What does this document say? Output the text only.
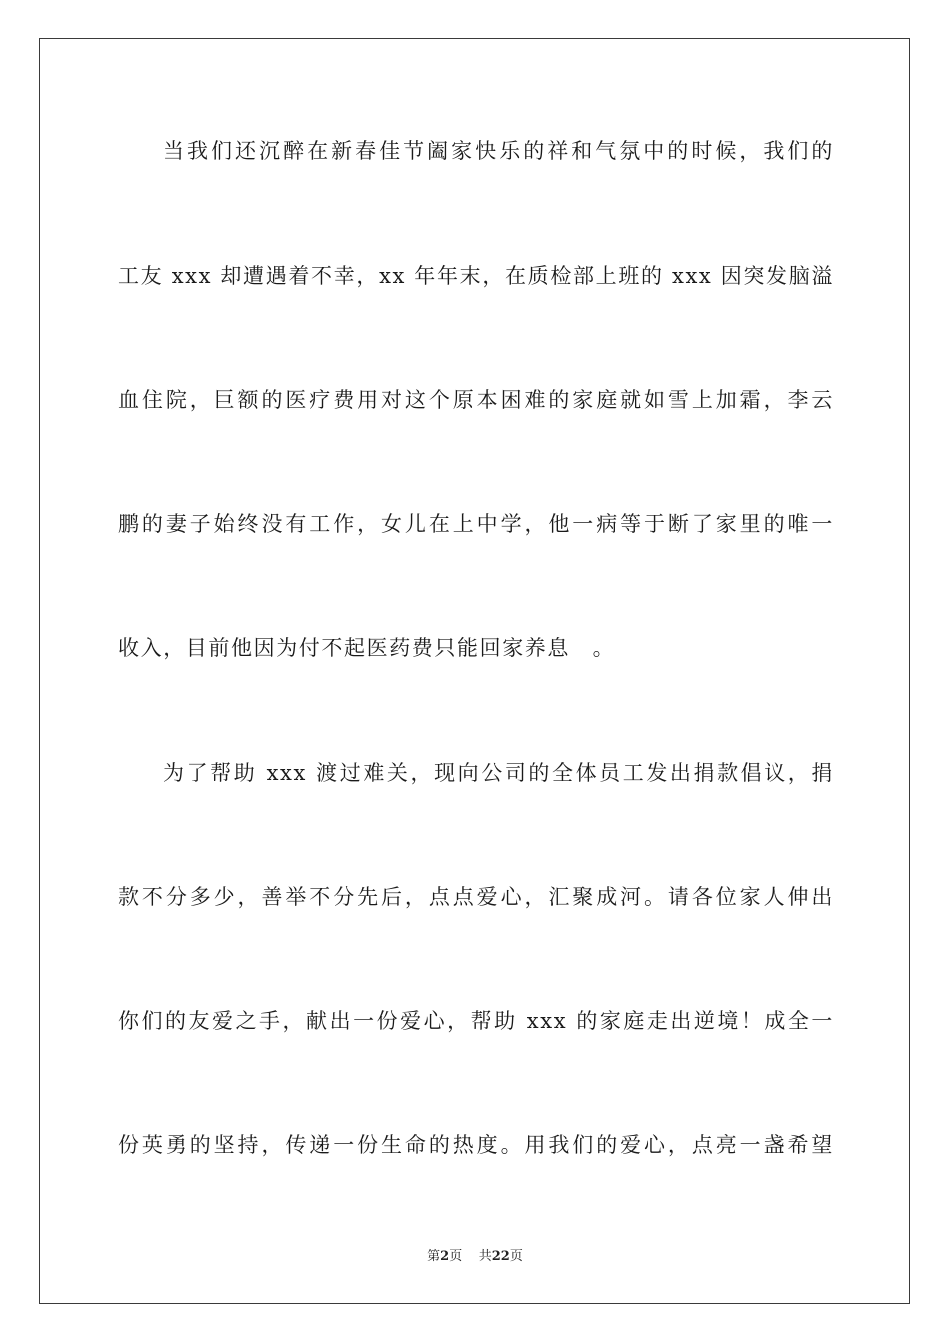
当我们还沉醉在新春佳节阖家快乐的祥和气氛中的时候，我们的
工友 xxx 却遭遇着不幸，xx 年年末，在质检部上班的 xxx 因突发脑溢
血住院，巨额的医疗费用对这个原本困难的家庭就如雪上加霜，李云
鹏的妻子始终没有工作，女儿在上中学，他一病等于断了家里的唯一
收入，目前他因为付不起医药费只能回家养息　。
为了帮助 xxx 渡过难关，现向公司的全体员工发出捐款倡议，捐
款不分多少，善举不分先后，点点爱心，汇聚成河。请各位家人伸出
你们的友爱之手，献出一份爱心，帮助 xxx 的家庭走出逆境！成全一
份英勇的坚持，传递一份生命的热度。用我们的爱心，点亮一盏希望
第2页 共22页
